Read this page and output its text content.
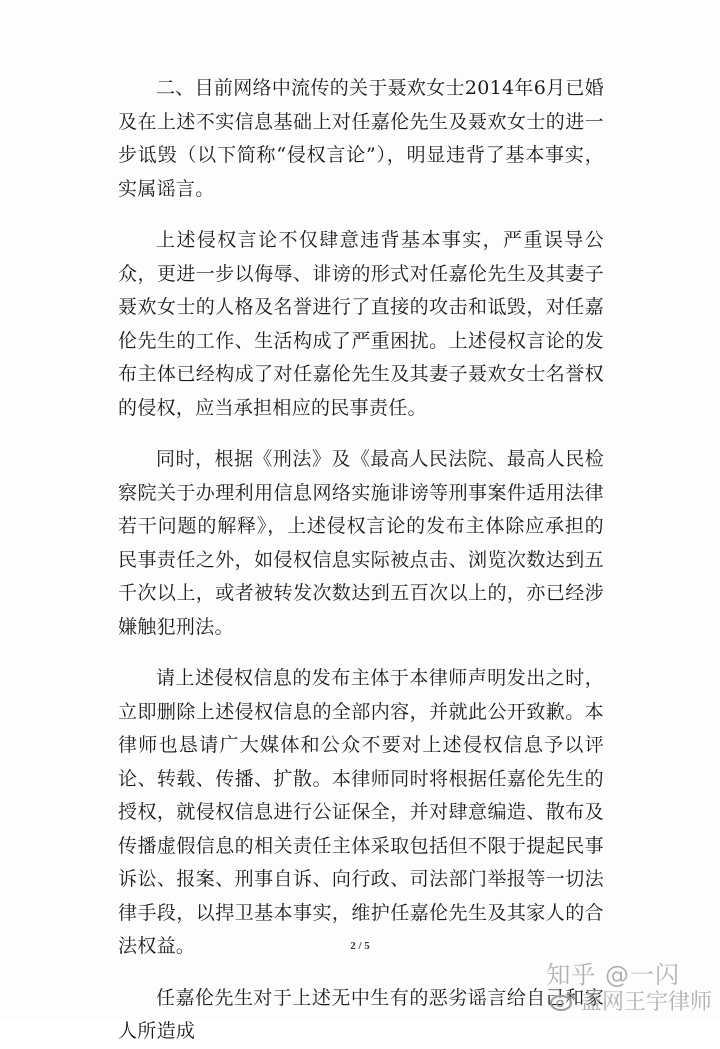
二、目前网络中流传的关于聂欢女士2014年6月已婚及在上述不实信息基础上对任嘉伦先生及聂欢女士的进一步诋毁（以下简称“侵权言论”），明显违背了基本事实，实属谣言。

上述侵权言论不仅肆意违背基本事实，严重误导公众，更进一步以侮辱、诽谤的形式对任嘉伦先生及其妻子聂欢女士的人格及名誉进行了直接的攻击和诋毁，对任嘉伦先生的工作、生活构成了严重困扰。上述侵权言论的发布主体已经构成了对任嘉伦先生及其妻子聂欢女士名誉权的侵权，应当承担相应的民事责任。

同时，根据《刑法》及《最高人民法院、最高人民检察院关于办理利用信息网络实施诽谤等刑事案件适用法律若干问题的解释》，上述侵权言论的发布主体除应承担的民事责任之外，如侵权信息实际被点击、浏览次数达到五千次以上，或者被转发次数达到五百次以上的，亦已经涉嫌触犯刑法。

请上述侵权信息的发布主体于本律师声明发出之时，立即删除上述侵权信息的全部内容，并就此公开致歉。本律师也恳请广大媒体和公众不要对上述侵权信息予以评论、转载、传播、扩散。本律师同时将根据任嘉伦先生的授权，就侵权信息进行公证保全，并对肆意编造、散布及传播虚假信息的相关责任主体采取包括但不限于提起民事诉讼、报案、刑事自诉、向行政、司法部门举报等一切法律手段，以捍卫基本事实，维护任嘉伦先生及其家人的合法权益。

任嘉伦先生对于上述无中生有的恶劣谣言给自己和家人所造成

2 / 5
知乎 @一闪
盖网王宇律师
